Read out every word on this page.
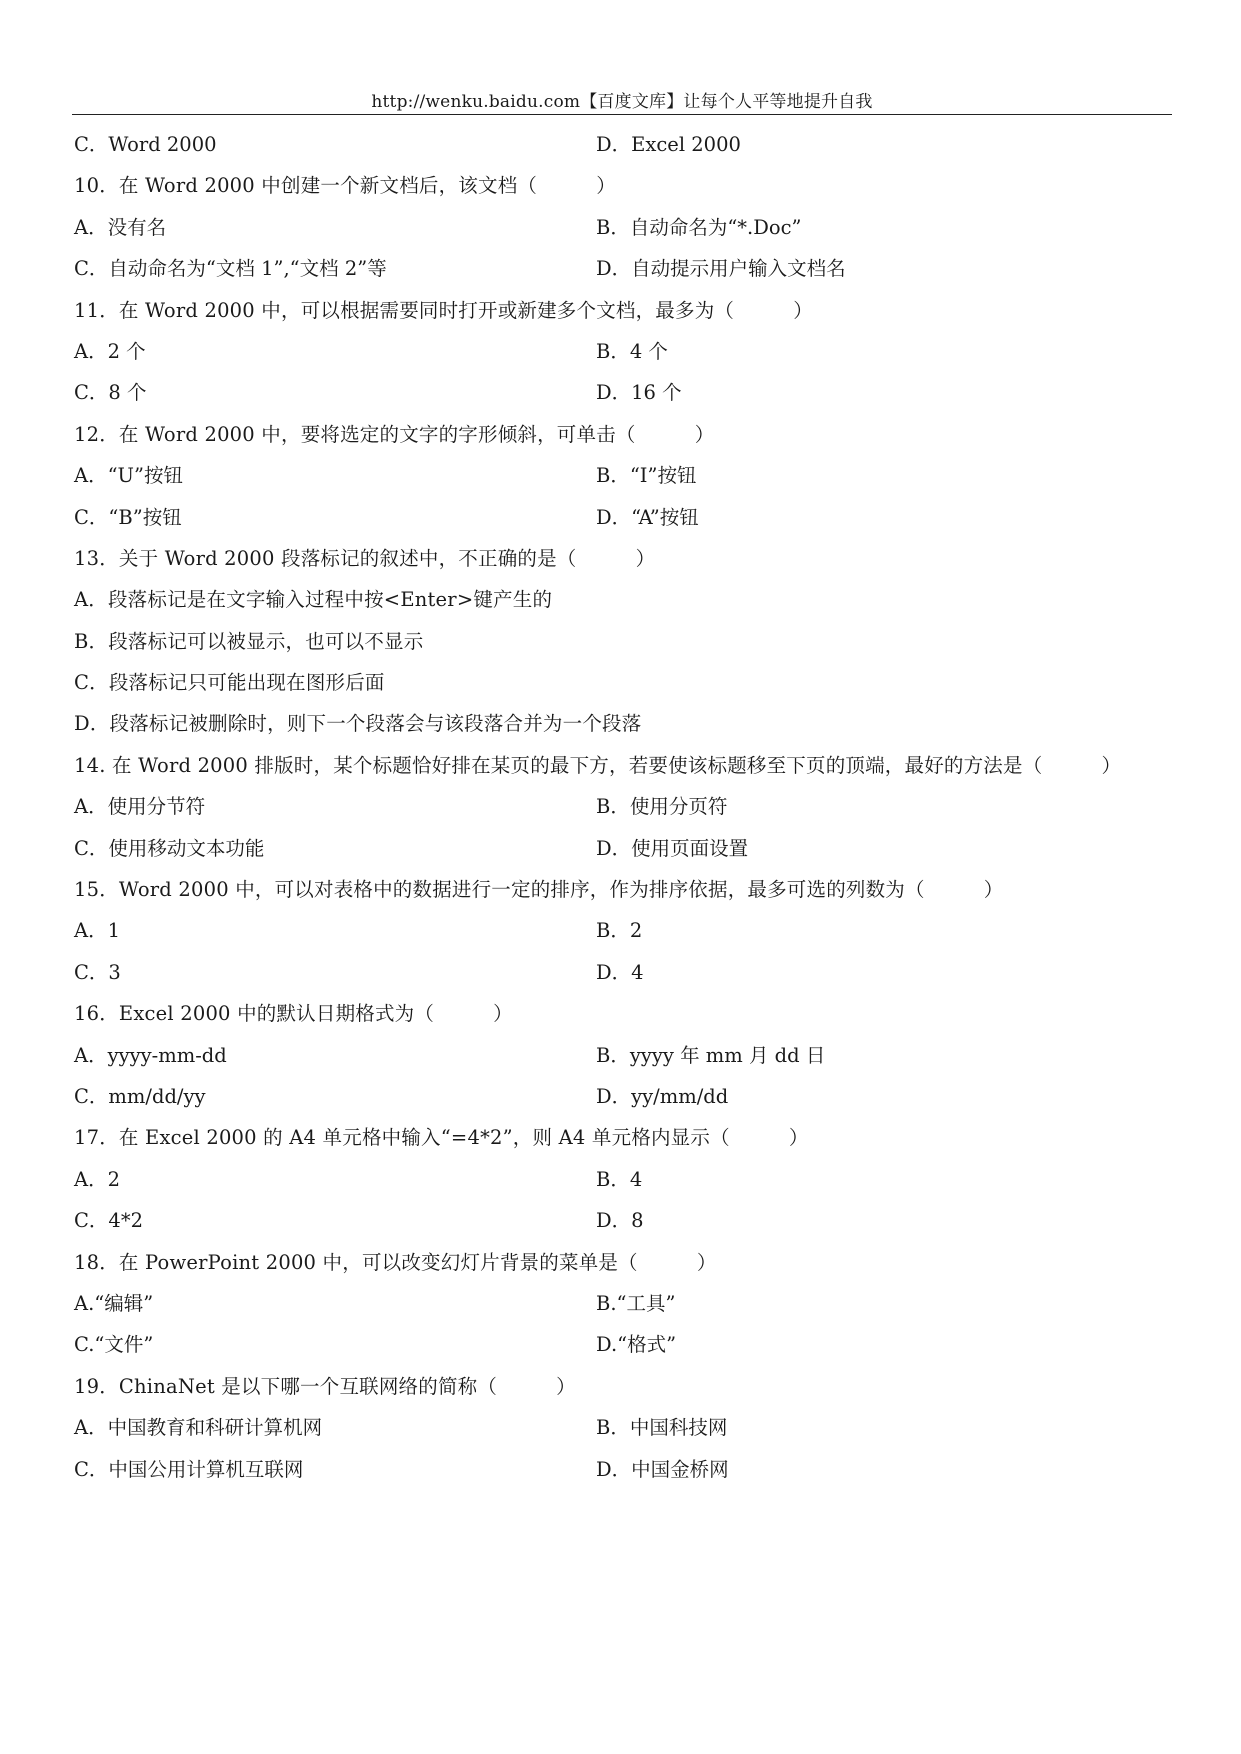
http://wenku.baidu.com【百度文库】让每个人平等地提升自我
C．Word 2000	D．Excel 2000
10．在 Word 2000 中创建一个新文档后，该文档（　　　）
A．没有名	B．自动命名为“*.Doc”
C．自动命名为“文档 1”,“文档 2”等	D．自动提示用户输入文档名
11．在 Word 2000 中，可以根据需要同时打开或新建多个文档，最多为（　　　）
A．2 个	B．4 个
C．8 个	D．16 个
12．在 Word 2000 中，要将选定的文字的字形倾斜，可单击（　　　）
A．“U”按钮	B．“I”按钮
C．“B”按钮	D．“A”按钮
13．关于 Word 2000 段落标记的叙述中，不正确的是（　　　）
A．段落标记是在文字输入过程中按<Enter>键产生的
B．段落标记可以被显示，也可以不显示
C．段落标记只可能出现在图形后面
D．段落标记被删除时，则下一个段落会与该段落合并为一个段落
14. 在 Word 2000 排版时，某个标题恰好排在某页的最下方，若要使该标题移至下页的顶端，最好的方法是（　　　）
A．使用分节符	B．使用分页符
C．使用移动文本功能	D．使用页面设置
15．Word 2000 中，可以对表格中的数据进行一定的排序，作为排序依据，最多可选的列数为（　　　）
A．1	B．2
C．3	D．4
16．Excel 2000 中的默认日期格式为（　　　）
A．yyyy-mm-dd	B．yyyy 年 mm 月 dd 日
C．mm/dd/yy	D．yy/mm/dd
17．在 Excel 2000 的 A4 单元格中输入“=4*2”，则 A4 单元格内显示（　　　）
A．2	B．4
C．4*2	D．8
18．在 PowerPoint 2000 中，可以改变幻灯片背景的菜单是（　　　）
A.“编辑”	B.“工具”
C.“文件”	D.“格式”
19．ChinaNet 是以下哪一个互联网络的简称（　　　）
A．中国教育和科研计算机网	B．中国科技网
C．中国公用计算机互联网	D．中国金桥网
